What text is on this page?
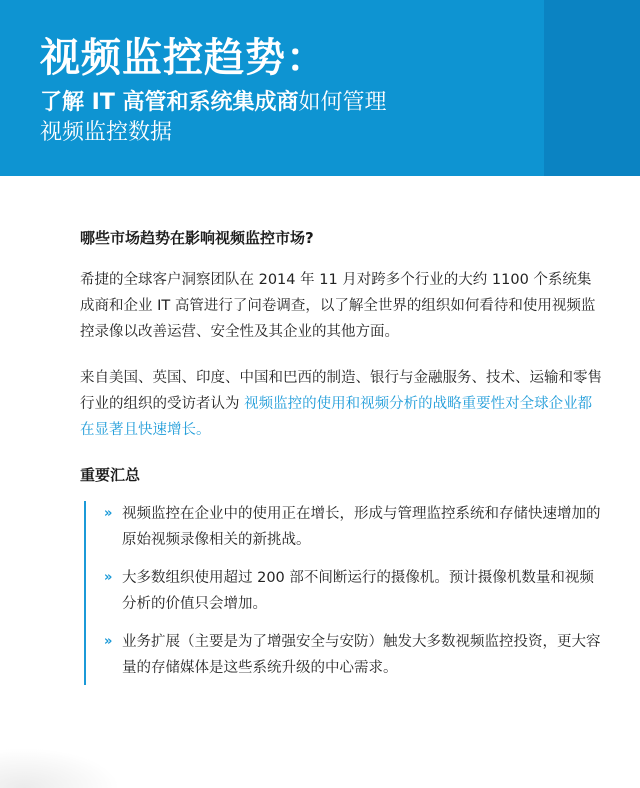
视频监控趋势：
了解 IT 高管和系统集成商如何管理
视频监控数据
哪些市场趋势在影响视频监控市场?

希捷的全球客户洞察团队在 2014 年 11 月对跨多个行业的大约 1100 个系统集成商和企业 IT 高管进行了问卷调查，以了解全世界的组织如何看待和使用视频监控录像以改善运营、安全性及其企业的其他方面。

来自美国、英国、印度、中国和巴西的制造、银行与金融服务、技术、运输和零售行业的组织的受访者认为 视频监控的使用和视频分析的战略重要性对全球企业都在显著且快速增长。

重要汇总
» 视频监控在企业中的使用正在增长，形成与管理监控系统和存储快速增加的原始视频录像相关的新挑战。
» 大多数组织使用超过 200 部不间断运行的摄像机。预计摄像机数量和视频分析的价值只会增加。
» 业务扩展（主要是为了增强安全与安防）触发大多数视频监控投资，更大容量的存储媒体是这些系统升级的中心需求。
